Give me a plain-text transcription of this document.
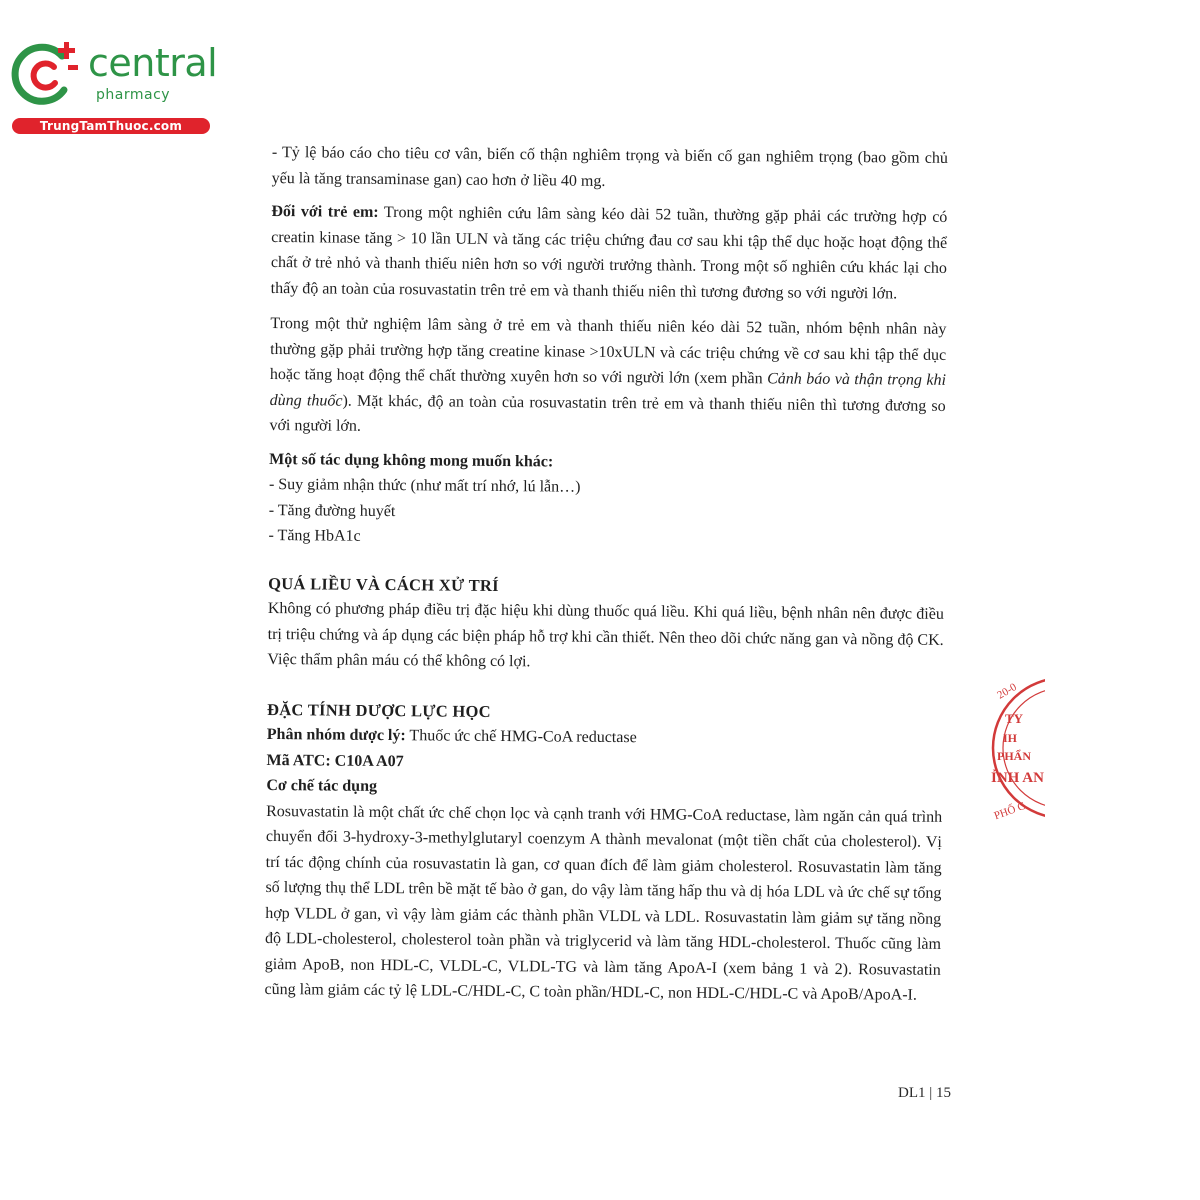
central
pharmacy
TrungTamThuoc.com

- Tỷ lệ báo cáo cho tiêu cơ vân, biến cố thận nghiêm trọng và biến cố gan nghiêm trọng (bao gồm chủ yếu là tăng transaminase gan) cao hơn ở liều 40 mg.

Đối với trẻ em: Trong một nghiên cứu lâm sàng kéo dài 52 tuần, thường gặp phải các trường hợp có creatin kinase tăng > 10 lần ULN và tăng các triệu chứng đau cơ sau khi tập thể dục hoặc hoạt động thể chất ở trẻ nhỏ và thanh thiếu niên hơn so với người trưởng thành. Trong một số nghiên cứu khác lại cho thấy độ an toàn của rosuvastatin trên trẻ em và thanh thiếu niên thì tương đương so với người lớn.

Trong một thử nghiệm lâm sàng ở trẻ em và thanh thiếu niên kéo dài 52 tuần, nhóm bệnh nhân này thường gặp phải trường hợp tăng creatine kinase >10xULN và các triệu chứng về cơ sau khi tập thể dục hoặc tăng hoạt động thể chất thường xuyên hơn so với người lớn (xem phần Cảnh báo và thận trọng khi dùng thuốc). Mặt khác, độ an toàn của rosuvastatin trên trẻ em và thanh thiếu niên thì tương đương so với người lớn.

Một số tác dụng không mong muốn khác:

- Suy giảm nhận thức (như mất trí nhớ, lú lẫn…)

- Tăng đường huyết

- Tăng HbA1c

QUÁ LIỀU VÀ CÁCH XỬ TRÍ

Không có phương pháp điều trị đặc hiệu khi dùng thuốc quá liều. Khi quá liều, bệnh nhân nên được điều trị triệu chứng và áp dụng các biện pháp hỗ trợ khi cần thiết. Nên theo dõi chức năng gan và nồng độ CK. Việc thẩm phân máu có thể không có lợi.

ĐẶC TÍNH DƯỢC LỰC HỌC

Phân nhóm dược lý: Thuốc ức chế HMG-CoA reductase

Mã ATC: C10A A07

Cơ chế tác dụng

Rosuvastatin là một chất ức chế chọn lọc và cạnh tranh với HMG-CoA reductase, làm ngăn cản quá trình chuyển đổi 3-hydroxy-3-methylglutaryl coenzym A thành mevalonat (một tiền chất của cholesterol). Vị trí tác động chính của rosuvastatin là gan, cơ quan đích để làm giảm cholesterol. Rosuvastatin làm tăng số lượng thụ thể LDL trên bề mặt tế bào ở gan, do vậy làm tăng hấp thu và dị hóa LDL và ức chế sự tổng hợp VLDL ở gan, vì vậy làm giảm các thành phần VLDL và LDL. Rosuvastatin làm giảm sự tăng nồng độ LDL-cholesterol, cholesterol toàn phần và triglycerid và làm tăng HDL-cholesterol. Thuốc cũng làm giảm ApoB, non HDL-C, VLDL-C, VLDL-TG và làm tăng ApoA-I (xem bảng 1 và 2). Rosuvastatin cũng làm giảm các tỷ lệ LDL-C/HDL-C, C toàn phần/HDL-C, non HDL-C/HDL-C và ApoB/ApoA-I.

20-0
TY
IH
PHẨN
ỈNH AN
PHỐ C
DL1 | 15
